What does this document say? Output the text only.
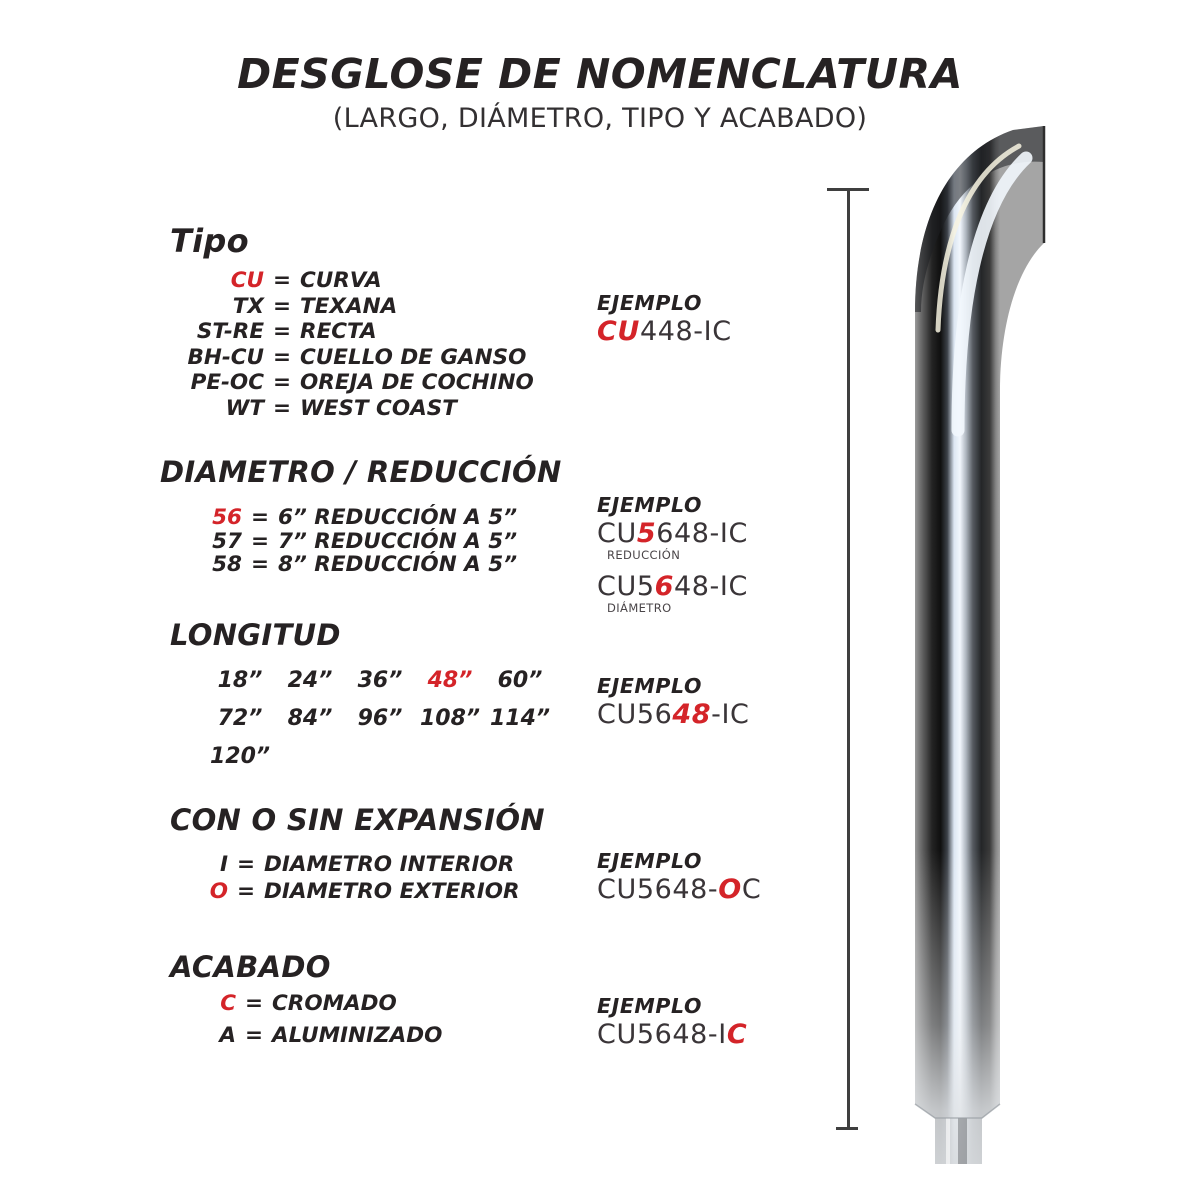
DESGLOSE DE NOMENCLATURA
(LARGO, DIÁMETRO, TIPO Y ACABADO)
Tipo
CU = CURVA
TX = TEXANA
ST-RE = RECTA
BH-CU = CUELLO DE GANSO
PE-OC = OREJA DE COCHINO
WT = WEST COAST
EJEMPLO
CU448-IC
DIAMETRO / REDUCCIÓN
56 = 6” REDUCCIÓN A 5”
57 = 7” REDUCCIÓN A 5”
58 = 8” REDUCCIÓN A 5”
EJEMPLO
CU5648-IC
REDUCCIÓN
CU5648-IC
DIÁMETRO
LONGITUD
18”	24”	36”	48”	60”
72”	84”	96” 108” 114”
120”
EJEMPLO
CU5648-IC
CON O SIN EXPANSIÓN
I = DIAMETRO INTERIOR
O = DIAMETRO EXTERIOR
EJEMPLO
CU5648-OC
ACABADO
C = CROMADO
A = ALUMINIZADO
EJEMPLO
CU5648-IC
